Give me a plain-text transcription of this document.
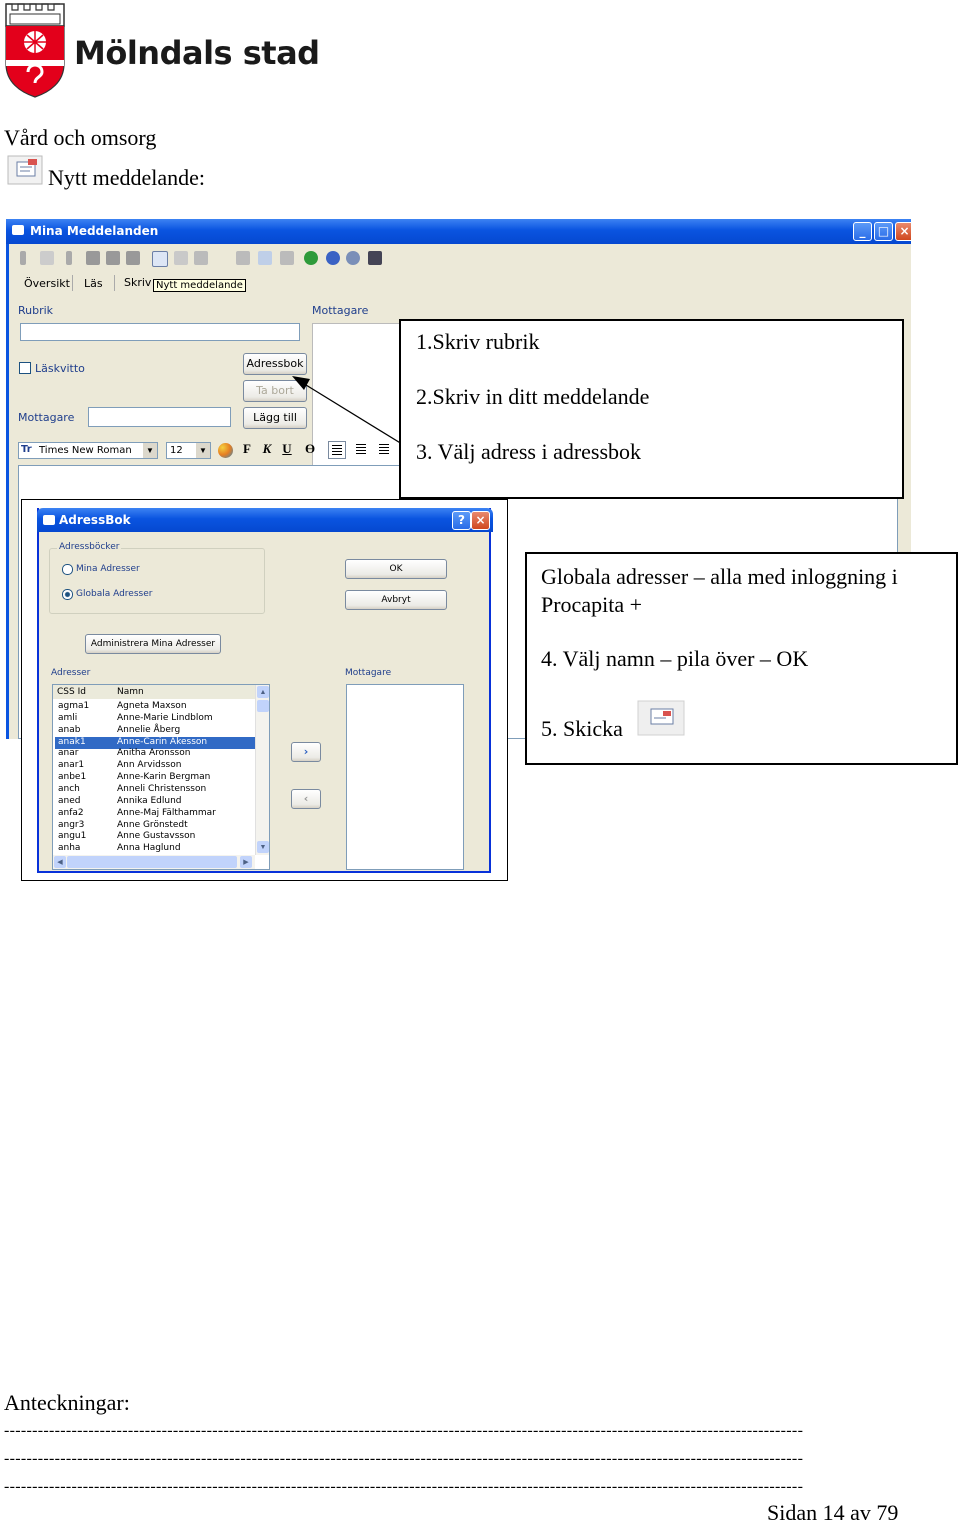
Mölndals stad
Vård och omsorg
Nytt meddelande:
Mina Meddelanden	_	□ ×
Översikt Läs Skriv Nytt meddelande
Rubrik	Mottagare
Läskvitto	Adressbok
Ta bort
Lägg till
Mottagare
Tr Times New Roman	▼	12	▼	F K U Ɵ
1.Skriv rubrik
2.Skriv in ditt meddelande
3. Välj adress i adressbok
AdressBok	? ×
Adressböcker
Mina Adresser
Globala Adresser
OK
Avbryt
Administrera Mina Adresser
Adresser	Mottagare
CSS Id	Namn
agma1	Agneta Maxson
amli	Anne-Marie Lindblom
anab	Annelie Åberg
anak1	Anne-Carin Akesson
anar	Anitha Aronsson
anar1	Ann Arvidsson
anbe1	Anne-Karin Bergman
anch	Anneli Christensson
aned	Annika Edlund
anfa2	Anne-Maj Fälthammar
angr3	Anne Grönstedt
angu1	Anne Gustavsson
anha	Anna Haglund
▲
▼
◀	▶
›
‹
Globala adresser – alla med inloggning i Procapita +
4. Välj namn – pila över – OK
5. Skicka
Anteckningar:
----------------------------------------------------------------------------------------------------------------------------------------------
----------------------------------------------------------------------------------------------------------------------------------------------
----------------------------------------------------------------------------------------------------------------------------------------------
Sidan 14 av 79
